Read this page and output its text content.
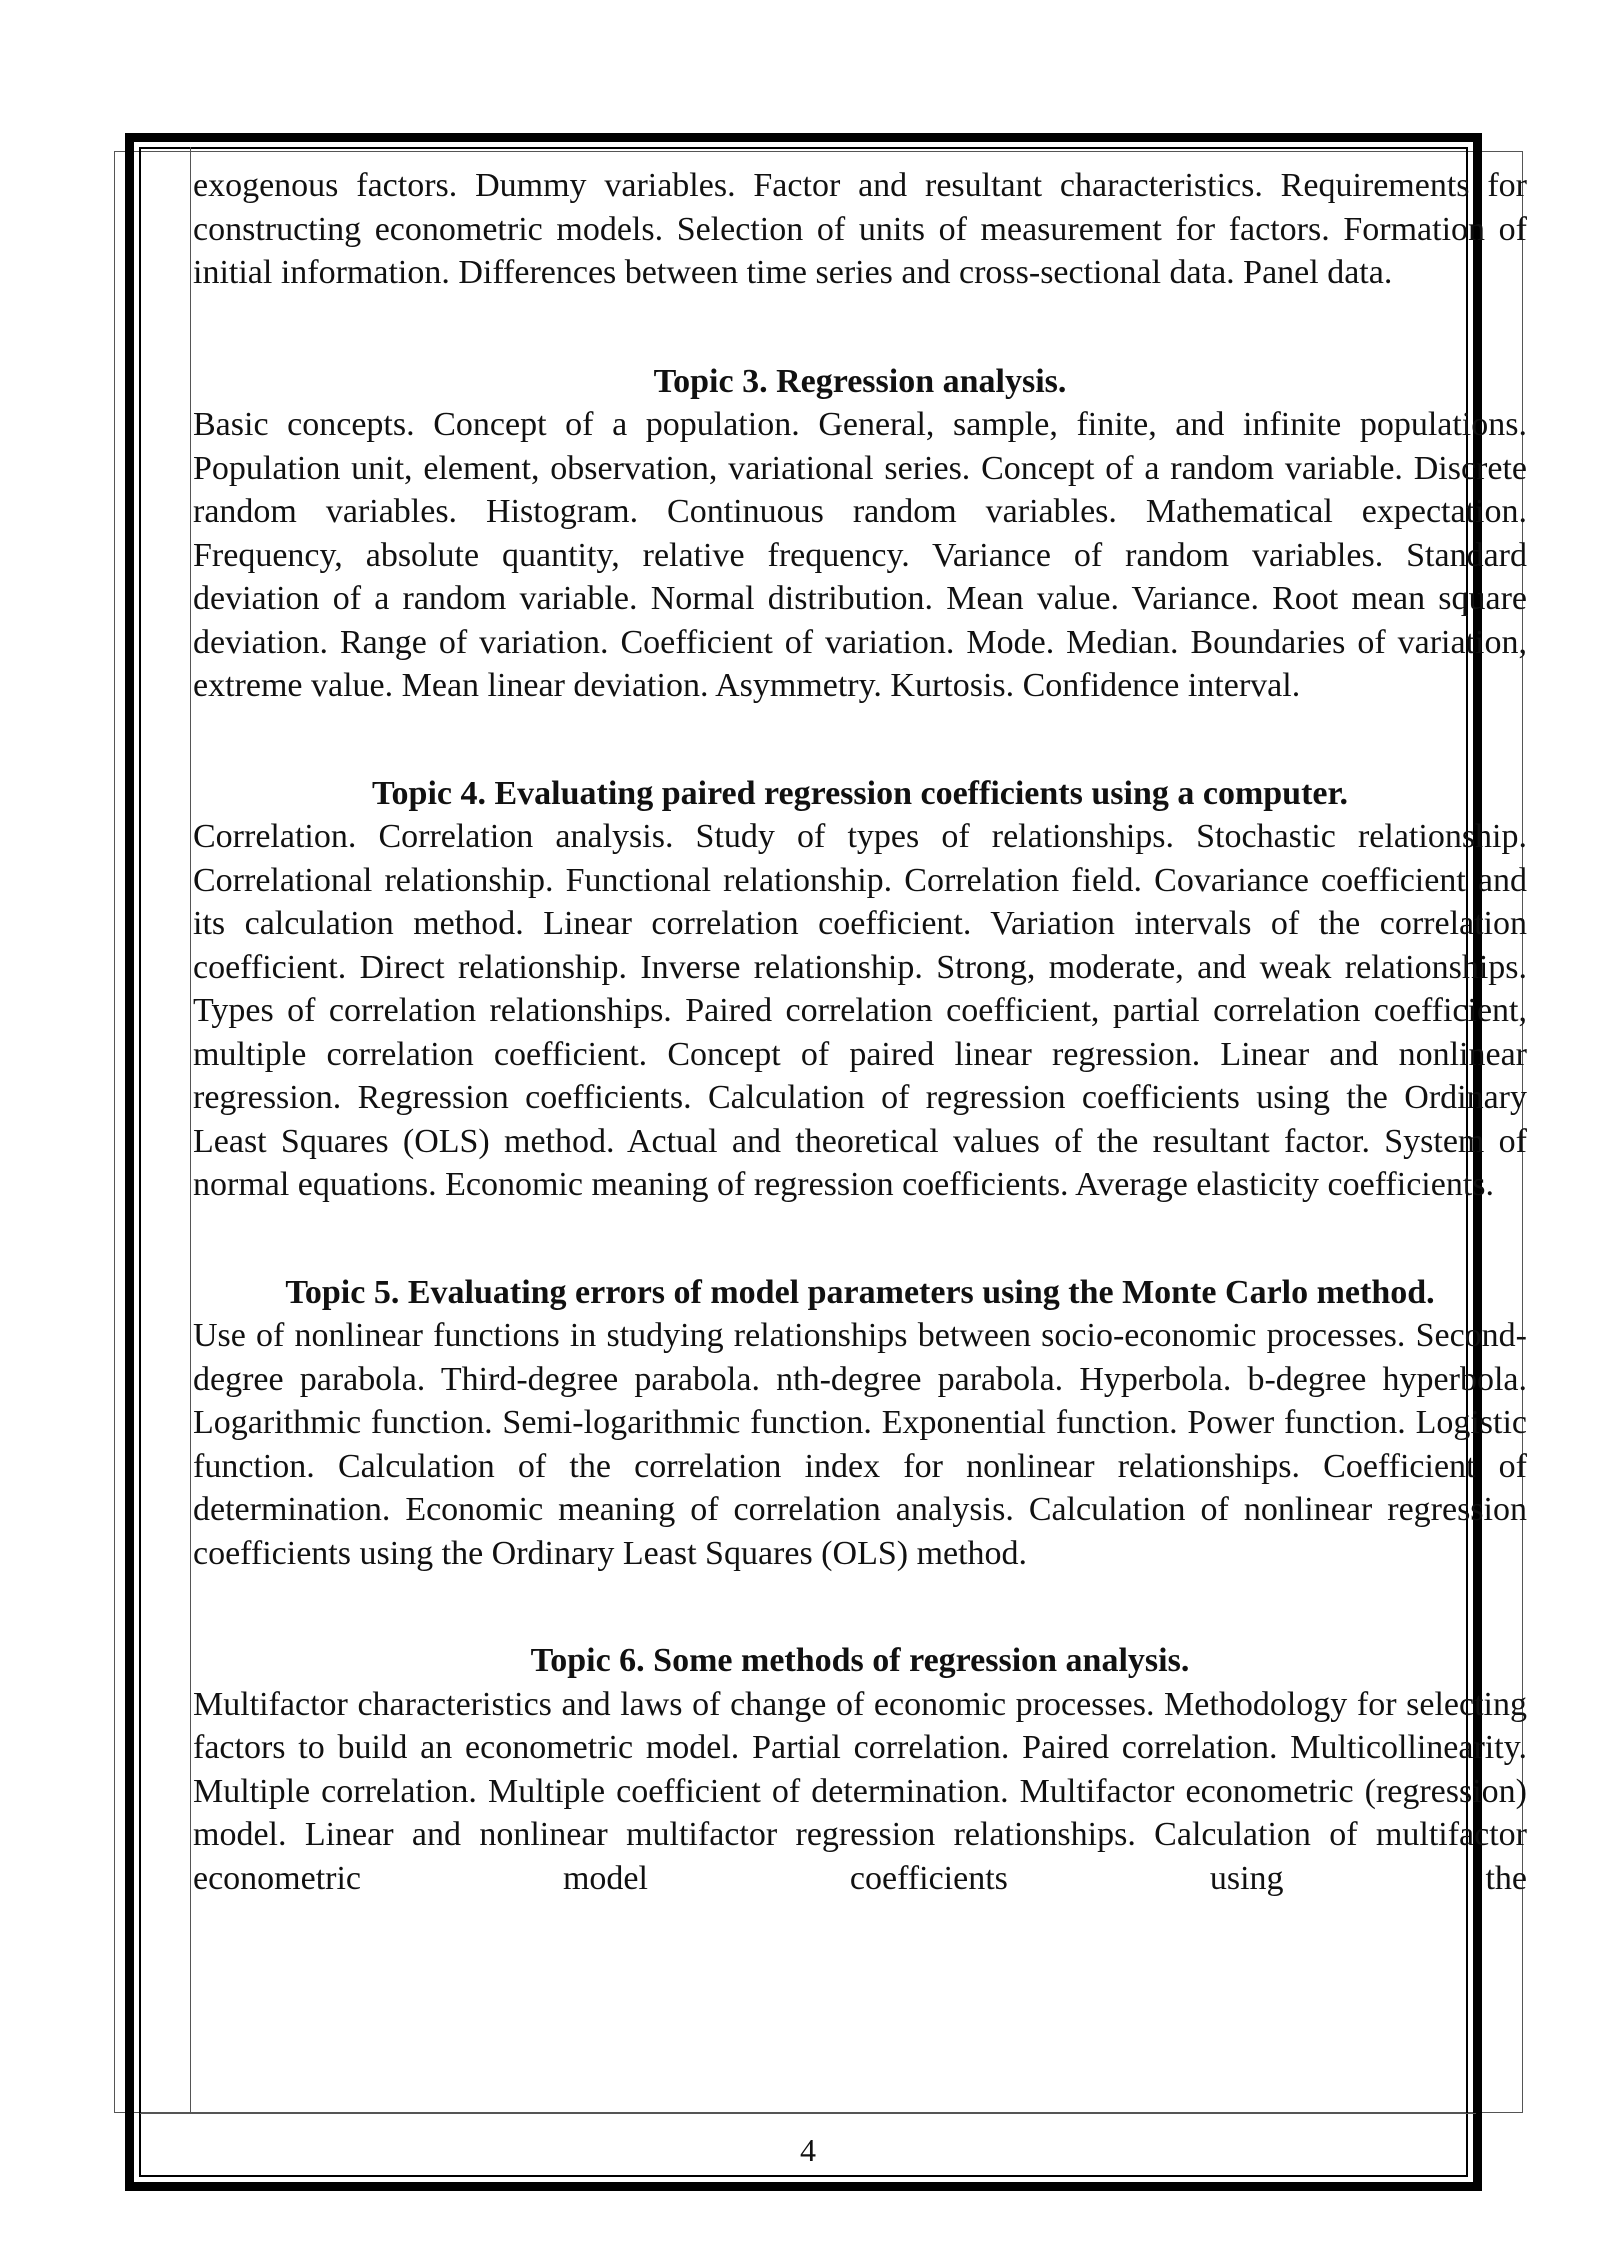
exogenous factors. Dummy variables. Factor and resultant characteristics. Requirements for constructing econometric models. Selection of units of measurement for factors. Formation of initial information. Differences between time series and cross-sectional data. Panel data.

Topic 3. Regression analysis.

Basic concepts. Concept of a population. General, sample, finite, and infinite populations. Population unit, element, observation, variational series. Concept of a random variable. Discrete random variables. Histogram. Continuous random variables. Mathematical expectation. Frequency, absolute quantity, relative frequency. Variance of random variables. Standard deviation of a random variable. Normal distribution. Mean value. Variance. Root mean square deviation. Range of variation. Coefficient of variation. Mode. Median. Boundaries of variation, extreme value. Mean linear deviation. Asymmetry. Kurtosis. Confidence interval.

Topic 4. Evaluating paired regression coefficients using a computer.

Correlation. Correlation analysis. Study of types of relationships. Stochastic relationship. Correlational relationship. Functional relationship. Correlation field. Covariance coefficient and its calculation method. Linear correlation coefficient. Variation intervals of the correlation coefficient. Direct relationship. Inverse relationship. Strong, moderate, and weak relationships. Types of correlation relationships. Paired correlation coefficient, partial correlation coefficient, multiple correlation coefficient. Concept of paired linear regression. Linear and nonlinear regression. Regression coefficients. Calculation of regression coefficients using the Ordinary Least Squares (OLS) method. Actual and theoretical values of the resultant factor. System of normal equations. Economic meaning of regression coefficients. Average elasticity coefficients.

Topic 5. Evaluating errors of model parameters using the Monte Carlo method.

Use of nonlinear functions in studying relationships between socio-economic processes. Second-degree parabola. Third-degree parabola. nth-degree parabola. Hyperbola. b-degree hyperbola. Logarithmic function. Semi-logarithmic function. Exponential function. Power function. Logistic function. Calculation of the correlation index for nonlinear relationships. Coefficient of determination. Economic meaning of correlation analysis. Calculation of nonlinear regression coefficients using the Ordinary Least Squares (OLS) method.

Topic 6. Some methods of regression analysis.

Multifactor characteristics and laws of change of economic processes. Methodology for selecting factors to build an econometric model. Partial correlation. Paired correlation. Multicollinearity. Multiple correlation. Multiple coefficient of determination. Multifactor econometric (regression) model. Linear and nonlinear multifactor regression relationships. Calculation of multifactor econometric model coefficients using the

4
